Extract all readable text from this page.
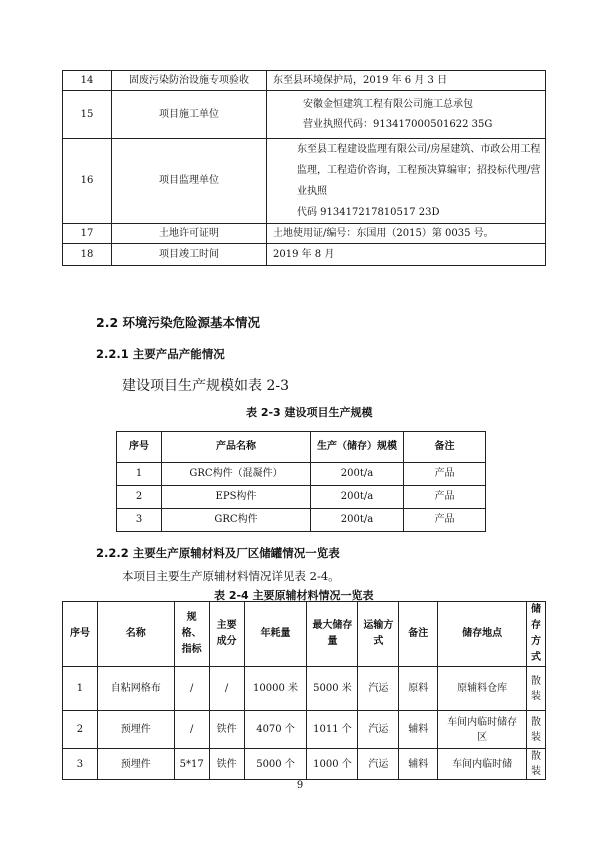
14	固废污染防治设施专项验收	东至县环境保护局，2019 年 6 月 3 日

15	项目施工单位	安徽金恒建筑工程有限公司施工总承包
营业执照代码：913417000501622 35G

16	项目监理单位	东至县工程建设监理有限公司/房屋建筑、市政公用工程
监理，工程造价咨询，工程预决算编审；招投标代理/营业执照
代码 913417217810517 23D

17	土地许可证明	土地使用证/编号：东国用（2015）第 0035 号。

18	项目竣工时间	2019 年 8 月
2.2 环境污染危险源基本情况
2.2.1 主要产品产能情况
建设项目生产规模如表 2-3
表 2-3 建设项目生产规模
序号	产品名称	生产（储存）规模	备注
1	GRC构件（混凝件）	200t/a	产品
2	EPS构件	200t/a	产品
3	GRC构件	200t/a	产品
2.2.2 主要生产原辅材料及厂区储罐情况一览表
本项目主要生产原辅材料情况详见表 2-4。
表 2-4 主要原辅材料情况一览表
序号	名称	规格、指标	主要成分	年耗量	最大储存量	运输方式	备注	储存地点	储存方式
1	自粘网格布	/	/	10000 米	5000 米	汽运	原料	原辅料仓库	散装
2	预埋件	/	铁件	4070 个	1011 个	汽运	辅料	车间内临时储存区	散装
3	预埋件	5*17	铁件	5000 个	1000 个	汽运	辅料	车间内临时储	散装
9
